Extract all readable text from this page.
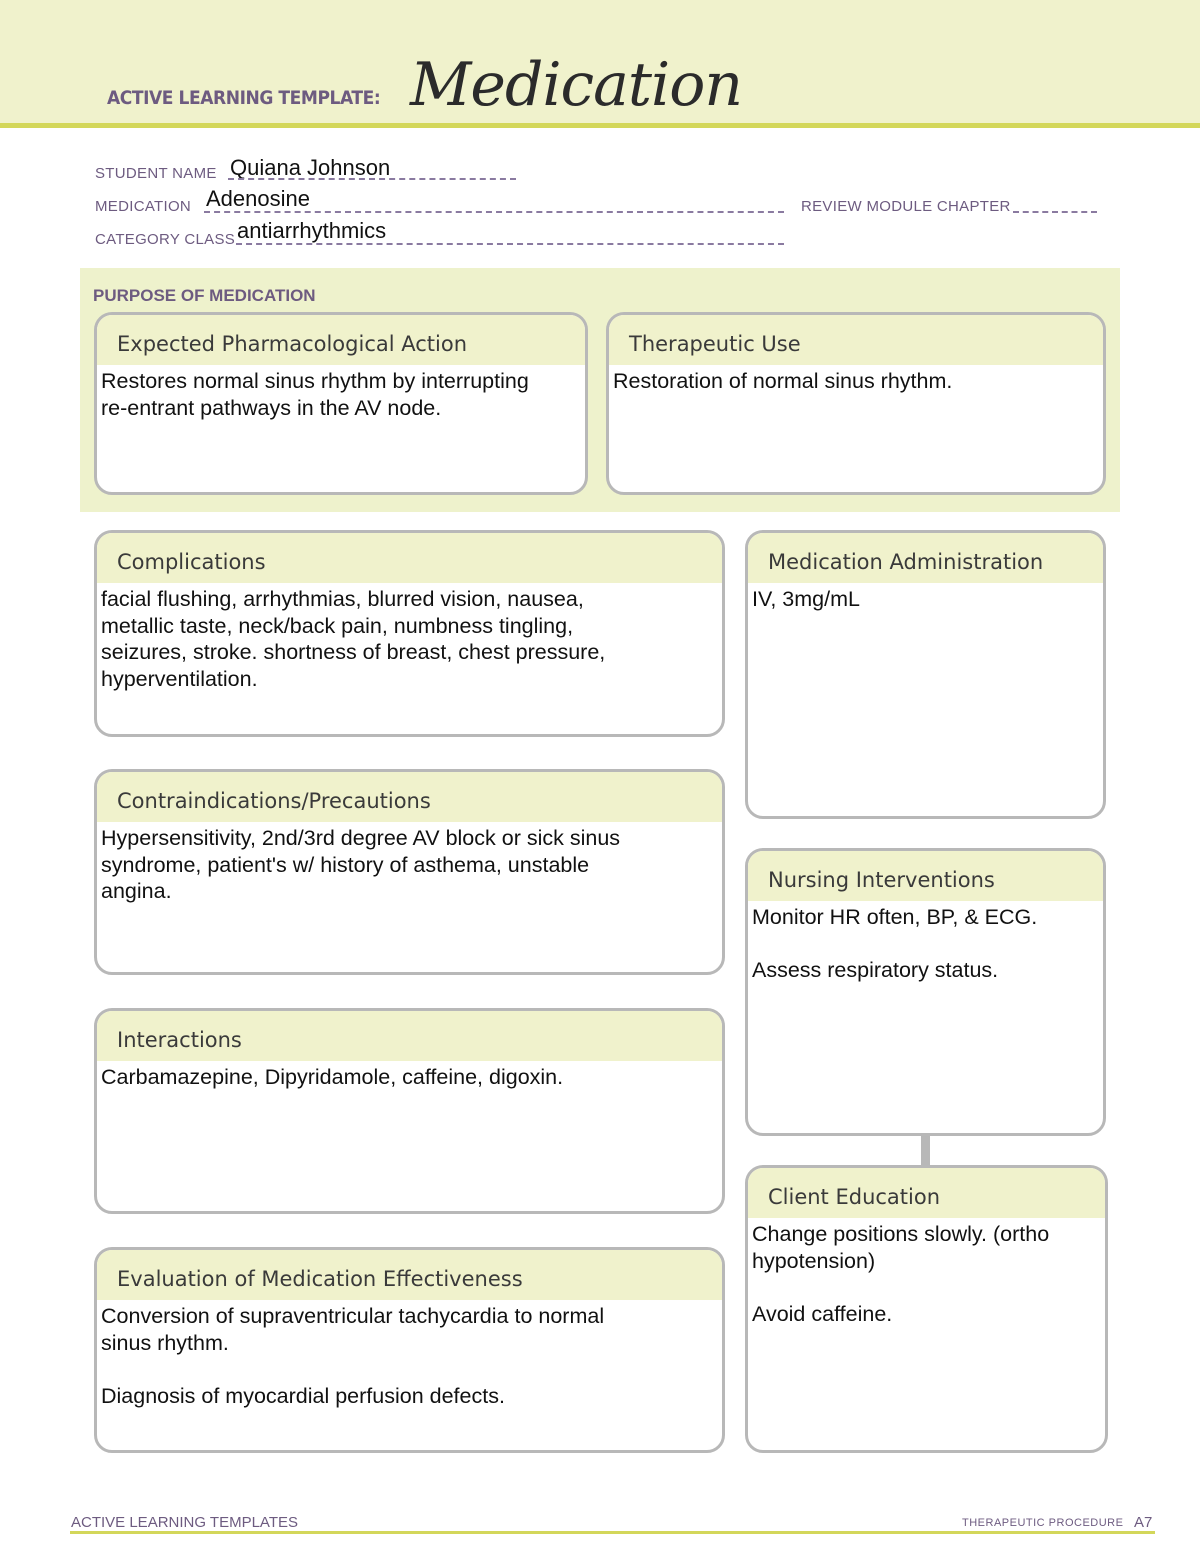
ACTIVE LEARNING TEMPLATE: Medication
STUDENT NAME Quiana Johnson
MEDICATION Adenosine	REVIEW MODULE CHAPTER
CATEGORY CLASS antiarrhythmics
PURPOSE OF MEDICATION
Expected Pharmacological Action
Restores normal sinus rhythm by interrupting
re-entrant pathways in the AV node.
Therapeutic Use
Restoration of normal sinus rhythm.
Complications
facial flushing, arrhythmias, blurred vision, nausea,
metallic taste, neck/back pain, numbness tingling,
seizures, stroke. shortness of breast, chest pressure,
hyperventilation.
Medication Administration
IV, 3mg/mL
Contraindications/Precautions
Hypersensitivity, 2nd/3rd degree AV block or sick sinus
syndrome, patient's w/ history of asthema, unstable
angina.	Nursing Interventions
Monitor HR often, BP, & ECG.

Assess respiratory status.
Interactions
Carbamazepine, Dipyridamole, caffeine, digoxin.
Client Education
Change positions slowly. (ortho
hypotension)

Avoid caffeine.
Evaluation of Medication Effectiveness
Conversion of supraventricular tachycardia to normal
sinus rhythm.

Diagnosis of myocardial perfusion defects.
ACTIVE LEARNING TEMPLATES	THERAPEUTIC PROCEDURE A7
